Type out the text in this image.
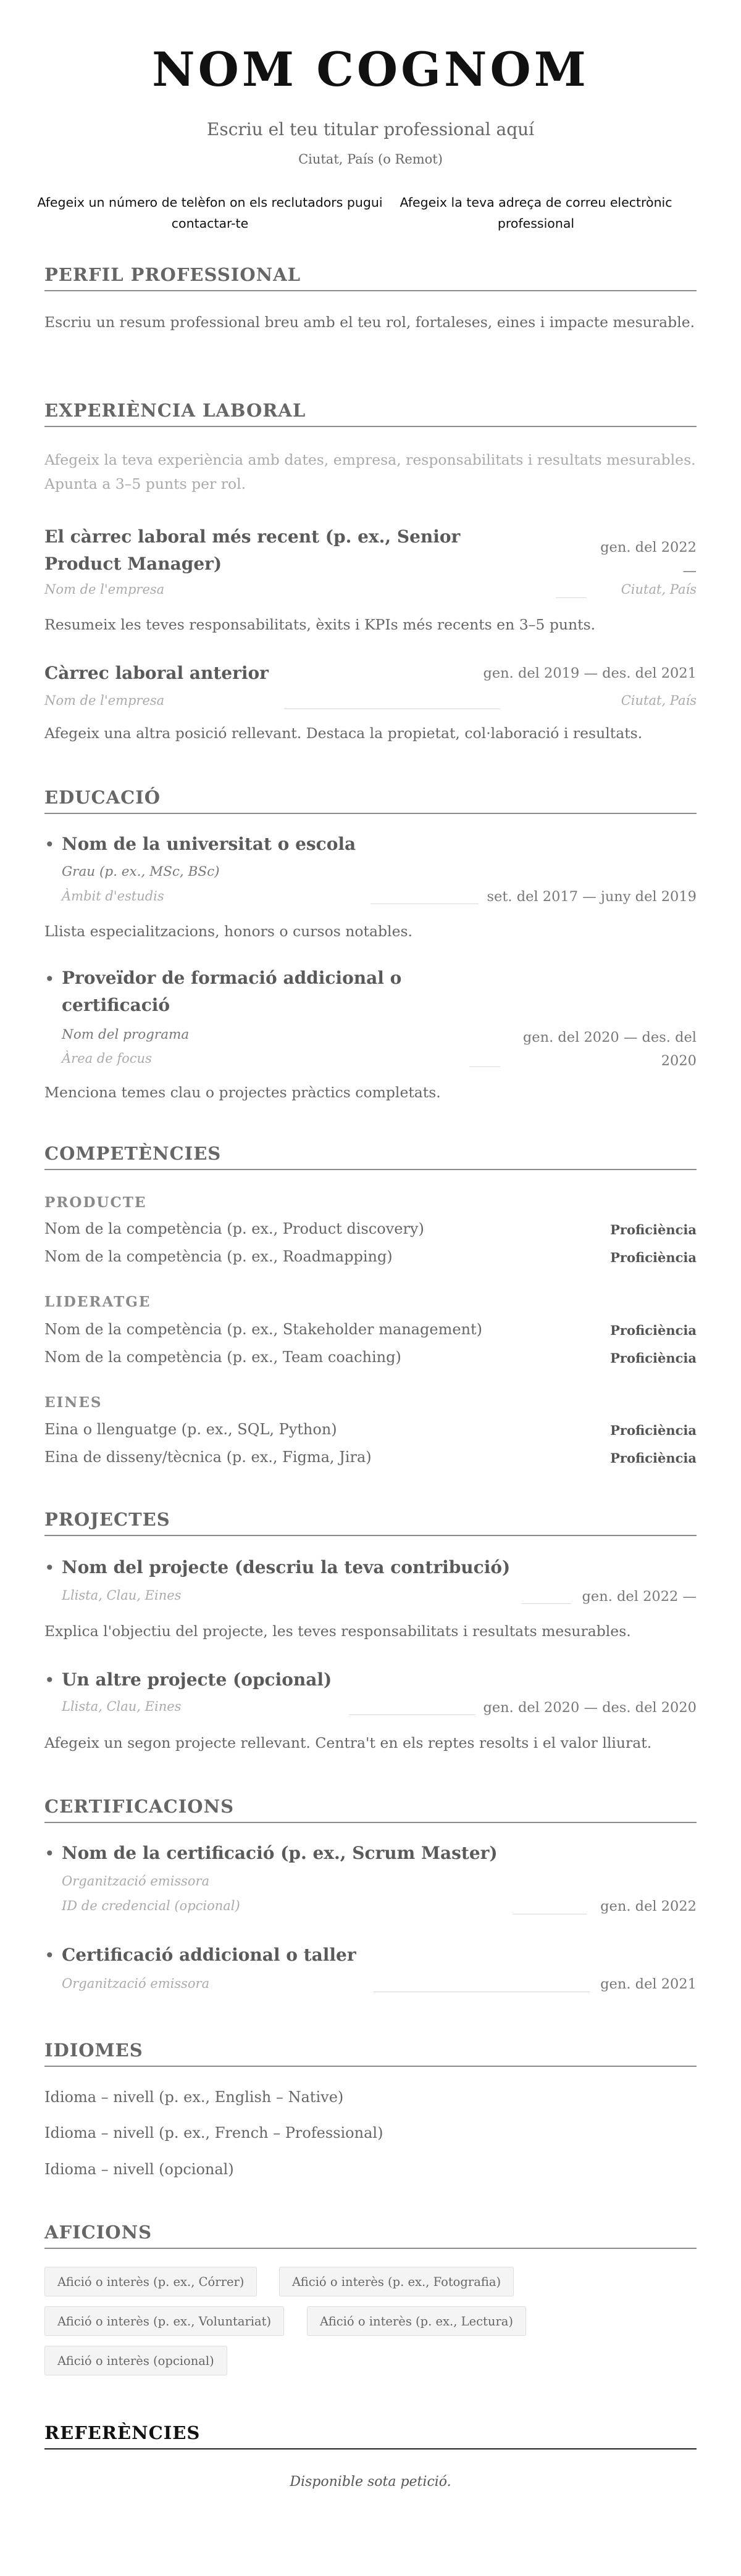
NOM COGNOM
Escriu el teu titular professional aquí
Ciutat, País (o Remot)
Afegeix un número de telèfon on els reclutadors pugui contactar-te
Afegeix la teva adreça de correu electrònic professional
PERFIL PROFESSIONAL
Escriu un resum professional breu amb el teu rol, fortaleses, eines i impacte mesurable.
EXPERIÈNCIA LABORAL
Afegeix la teva experiència amb dates, empresa, responsabilitats i resultats mesurables. Apunta a 3–5 punts per rol.
El càrrec laboral més recent (p. ex., Senior Product Manager)
gen. del 2022 —
Nom de l'empresa	Ciutat, País
Resumeix les teves responsabilitats, èxits i KPIs més recents en 3–5 punts.
Càrrec laboral anterior	gen. del 2019 — des. del 2021
Nom de l'empresa	Ciutat, País
Afegeix una altra posició rellevant. Destaca la propietat, col·laboració i resultats.
EDUCACIÓ
• Nom de la universitat o escola
Grau (p. ex., MSc, BSc)
Àmbit d'estudis	set. del 2017 — juny del 2019
Llista especialitzacions, honors o cursos notables.
• Proveïdor de formació addicional o certificació
Nom del programa
Àrea de focus
gen. del 2020 — des. del 2020
Menciona temes clau o projectes pràctics completats.
COMPETÈNCIES
PRODUCTE
Nom de la competència (p. ex., Product discovery)	Proficiència
Nom de la competència (p. ex., Roadmapping)	Proficiència
LIDERATGE
Nom de la competència (p. ex., Stakeholder management)	Proficiència
Nom de la competència (p. ex., Team coaching)	Proficiència
EINES
Eina o llenguatge (p. ex., SQL, Python)	Proficiència
Eina de disseny/tècnica (p. ex., Figma, Jira)	Proficiència
PROJECTES
• Nom del projecte (descriu la teva contribució)
Llista, Clau, Eines	gen. del 2022 —
Explica l'objectiu del projecte, les teves responsabilitats i resultats mesurables.
• Un altre projecte (opcional)
Llista, Clau, Eines	gen. del 2020 — des. del 2020
Afegeix un segon projecte rellevant. Centra't en els reptes resolts i el valor lliurat.
CERTIFICACIONS
• Nom de la certificació (p. ex., Scrum Master)
Organització emissora
ID de credencial (opcional)	gen. del 2022
• Certificació addicional o taller
Organització emissora	gen. del 2021
IDIOMES
Idioma – nivell (p. ex., English – Native)
Idioma – nivell (p. ex., French – Professional)
Idioma – nivell (opcional)
AFICIONS
Afició o interès (p. ex., Córrer)	Afició o interès (p. ex., Fotografia)
Afició o interès (p. ex., Voluntariat)	Afició o interès (p. ex., Lectura)
Afició o interès (opcional)
REFERÈNCIES
Disponible sota petició.
